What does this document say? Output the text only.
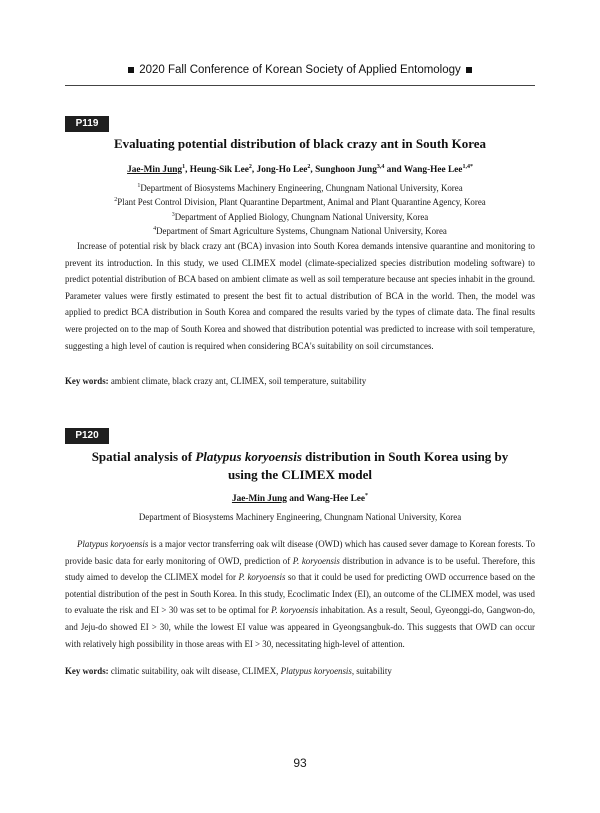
2020 Fall Conference of Korean Society of Applied Entomology
P119
Evaluating potential distribution of black crazy ant in South Korea
Jae-Min Jung$^1$, Heung-Sik Lee$^2$, Jong-Ho Lee$^2$, Sunghoon Jung$^{3,4}$ and Wang-Hee Lee$^{1,4*}$
$^1$Department of Biosystems Machinery Engineering, Chungnam National University, Korea
$^2$Plant Pest Control Division, Plant Quarantine Department, Animal and Plant Quarantine Agency, Korea
$^3$Department of Applied Biology, Chungnam National University, Korea
$^4$Department of Smart Agriculture Systems, Chungnam National University, Korea

Increase of potential risk by black crazy ant (BCA) invasion into South Korea demands intensive quarantine and monitoring to prevent its introduction. In this study, we used CLIMEX model (climate-specialized species distribution modeling software) to predict potential distribution of BCA based on ambient climate as well as soil temperature because ant species inhabit in the ground. Parameter values were firstly estimated to present the best fit to actual distribution of BCA in the world. Then, the model was applied to predict BCA distribution in South Korea and compared the results varied by the types of climate data. The final results were projected on to the map of South Korea and showed that distribution potential was predicted to increase with soil temperature, suggesting a high level of caution is required when considering BCA's suitability on soil circumstances.

Key words: ambient climate, black crazy ant, CLIMEX, soil temperature, suitability
P120
Spatial analysis of Platypus koryoensis distribution in South Korea using by using the CLIMEX model
Jae-Min Jung and Wang-Hee Lee*
Department of Biosystems Machinery Engineering, Chungnam National University, Korea

Platypus koryoensis is a major vector transferring oak wilt disease (OWD) which has caused sever damage to Korean forests. To provide basic data for early monitoring of OWD, prediction of P. koryoensis distribution in advance is to be useful. Therefore, this study aimed to develop the CLIMEX model for P. koryoensis so that it could be used for predicting OWD occurrence based on the potential distribution of the pest in South Korea. In this study, Ecoclimatic Index (EI), an outcome of the CLIMEX model, was used to evaluate the risk and EI > 30 was set to be optimal for P. koryoensis inhabitation. As a result, Seoul, Gyeonggi-do, Gangwon-do, and Jeju-do showed EI > 30, while the lowest EI value was appeared in Gyeongsangbuk-do. This suggests that OWD can occur with relatively high possibility in those areas with EI > 30, necessitating high-level of attention.

Key words: climatic suitability, oak wilt disease, CLIMEX, Platypus koryoensis, suitability
93
